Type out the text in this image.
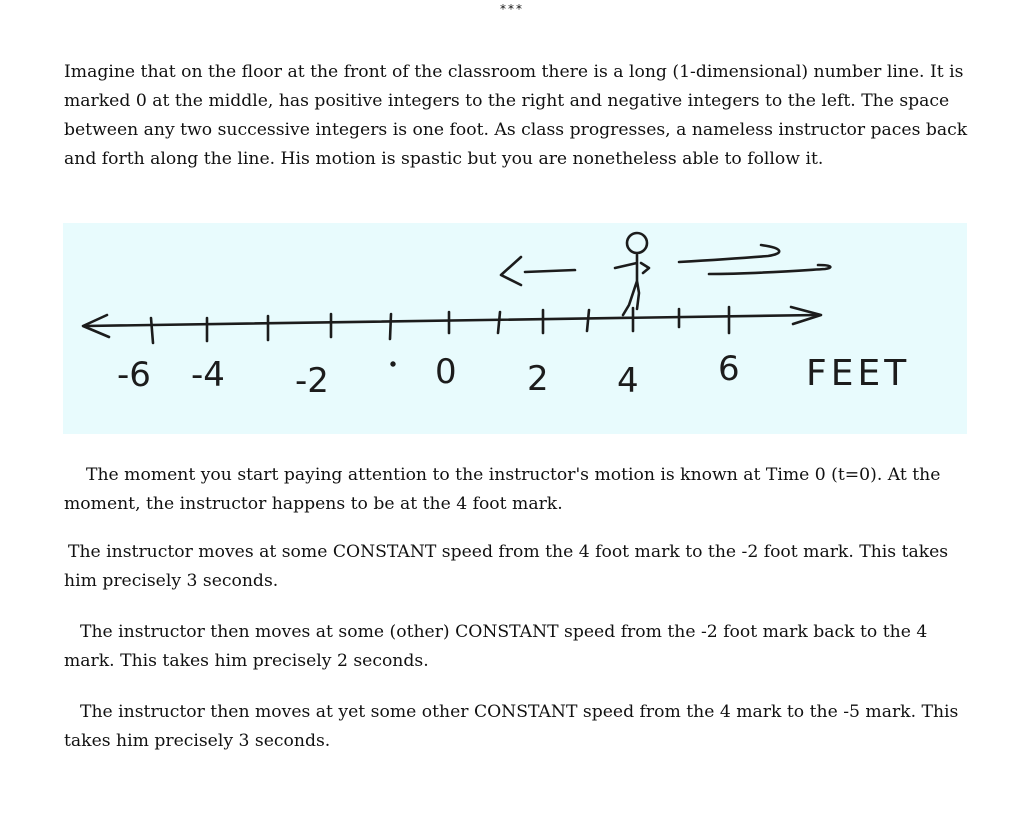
***

Imagine that on the floor at the front of the classroom there is a long (1-dimensional) number line. It is marked 0 at the middle, has positive integers to the right and negative integers to the left. The space between any two successive integers is one foot. As class progresses, a nameless instructor paces back and forth along the line. His motion is spastic but you are nonetheless able to follow it.

-6 -4 -2	0 2 4 6 FEET

The moment you start paying attention to the instructor's motion is known at Time 0 (t=0). At the moment, the instructor happens to be at the 4 foot mark.

The instructor moves at some CONSTANT speed from the 4 foot mark to the -2 foot mark. This takes him precisely 3 seconds.

The instructor then moves at some (other) CONSTANT speed from the -2 foot mark back to the 4 mark. This takes him precisely 2 seconds.

The instructor then moves at yet some other CONSTANT speed from the 4 mark to the -5 mark. This takes him precisely 3 seconds.
